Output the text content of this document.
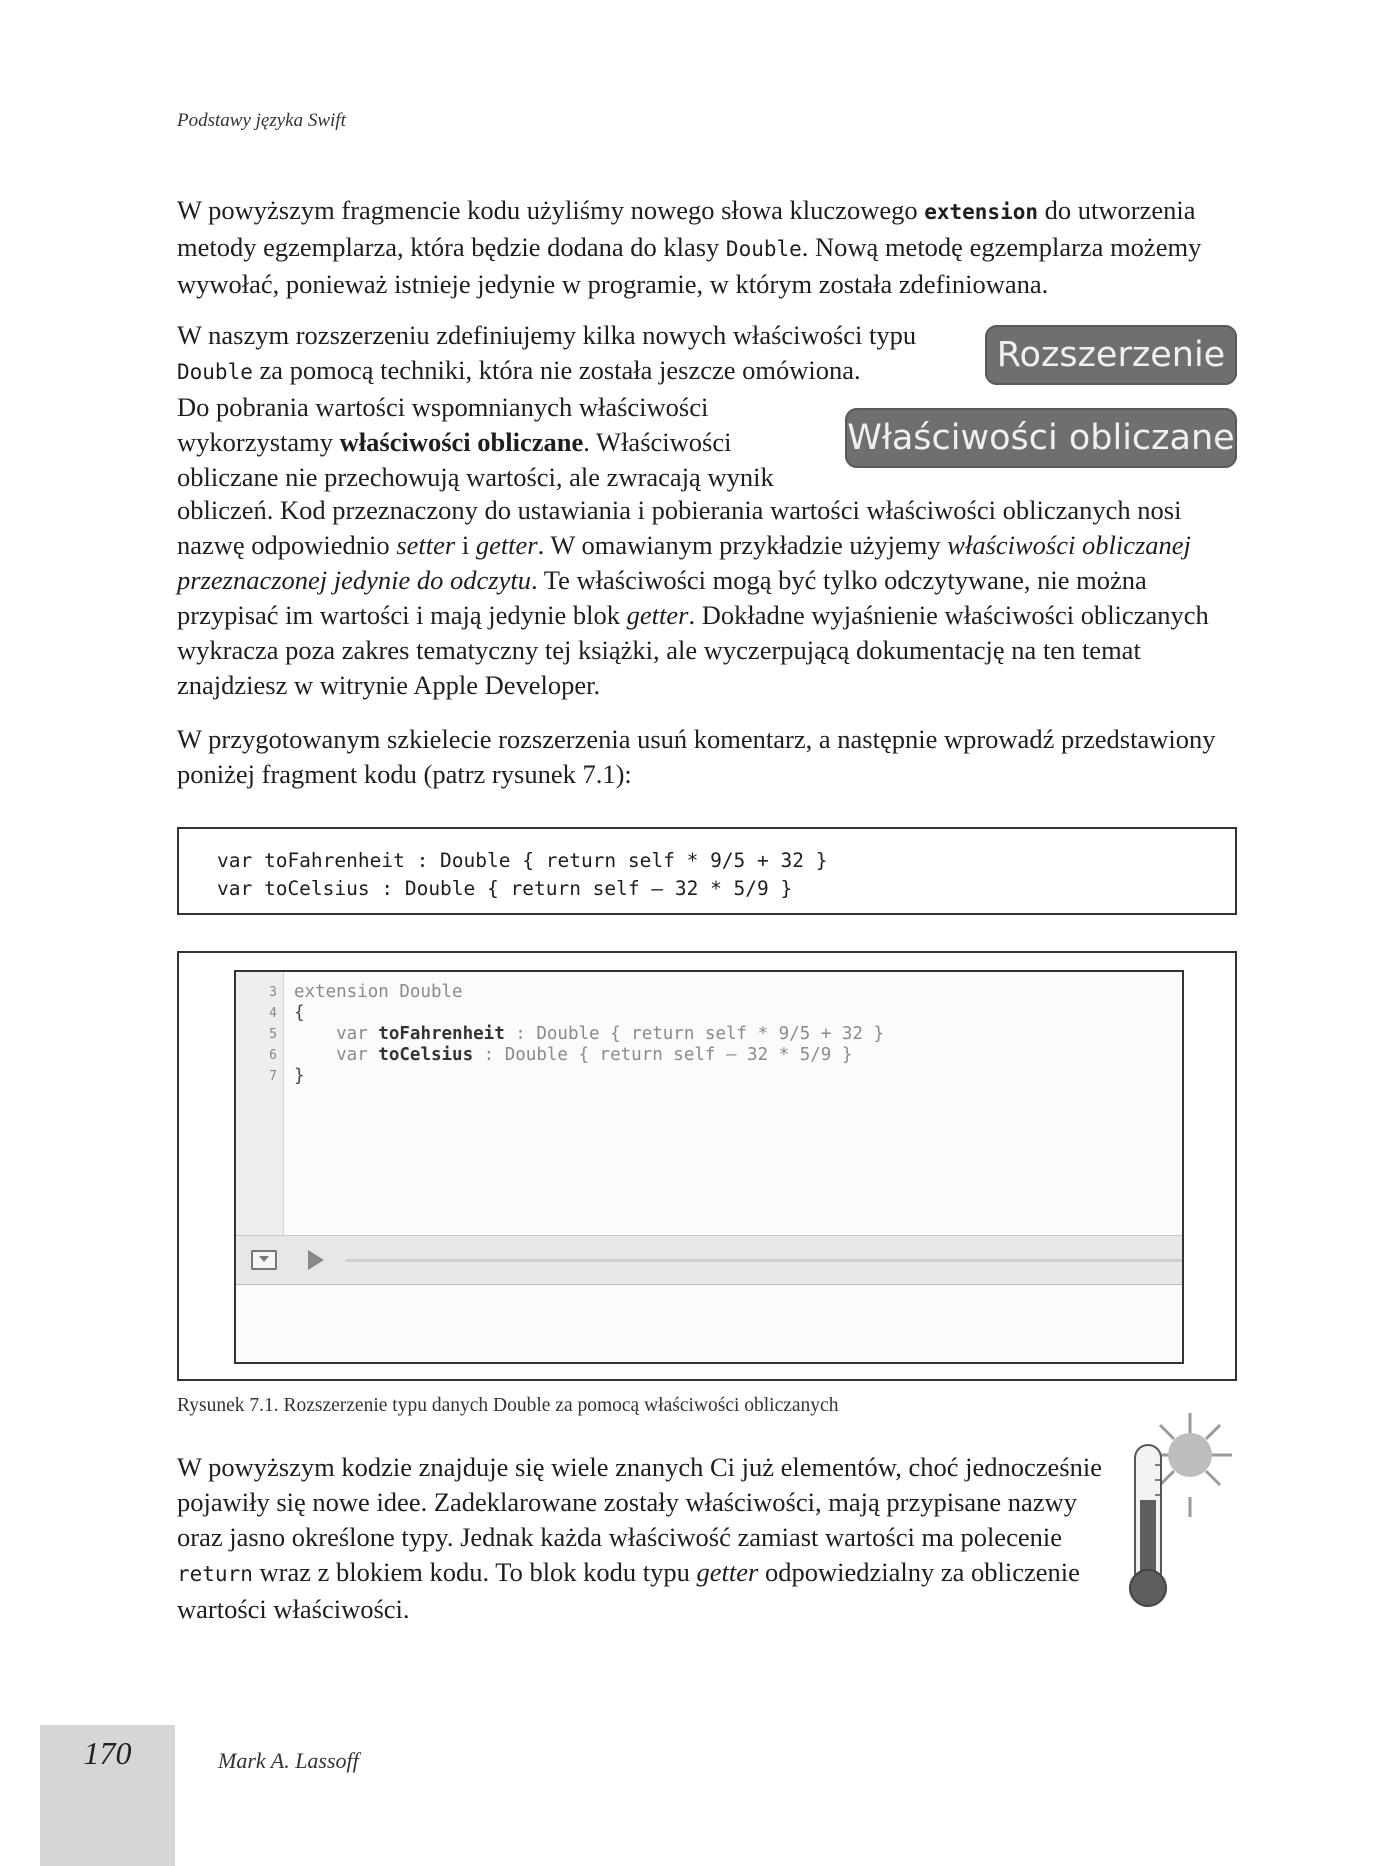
Podstawy języka Swift

W powyższym fragmencie kodu użyliśmy nowego słowa kluczowego extension do utworzenia metody egzemplarza, która będzie dodana do klasy Double. Nową metodę egzemplarza możemy wywołać, ponieważ istnieje jedynie w programie, w którym została zdefiniowana.

W naszym rozszerzeniu zdefiniujemy kilka nowych właściwości typu
Double za pomocą techniki, która nie została jeszcze omówiona.
Do pobrania wartości wspomnianych właściwości
wykorzystamy właściwości obliczane. Właściwości
obliczane nie przechowują wartości, ale zwracają wynik

obliczeń. Kod przeznaczony do ustawiania i pobierania wartości właściwości obliczanych nosi nazwę odpowiednio setter i getter. W omawianym przykładzie użyjemy właściwości obliczanej przeznaczonej jedynie do odczytu. Te właściwości mogą być tylko odczytywane, nie można przypisać im wartości i mają jedynie blok getter. Dokładne wyjaśnienie właściwości obliczanych wykracza poza zakres tematyczny tej książki, ale wyczerpującą dokumentację na ten temat znajdziesz w witrynie Apple Developer.

Rozszerzenie
Właściwości obliczane

W przygotowanym szkielecie rozszerzenia usuń komentarz, a następnie wprowadź przedstawiony poniżej fragment kodu (patrz rysunek 7.1):

var toFahrenheit : Double { return self * 9/5 + 32 }
var toCelsius : Double { return self – 32 * 5/9 }
3
4
5
6
7
extension Double
{
var toFahrenheit : Double { return self * 9/5 + 32 }
var toCelsius : Double { return self – 32 * 5/9 }
}
Rysunek 7.1. Rozszerzenie typu danych Double za pomocą właściwości obliczanych

W powyższym kodzie znajduje się wiele znanych Ci już elementów, choć jednocześnie pojawiły się nowe idee. Zadeklarowane zostały właściwości, mają przypisane nazwy oraz jasno określone typy. Jednak każda właściwość zamiast wartości ma polecenie return wraz z blokiem kodu. To blok kodu typu getter odpowiedzialny za obliczenie wartości właściwości.

170	Mark A. Lassoff
